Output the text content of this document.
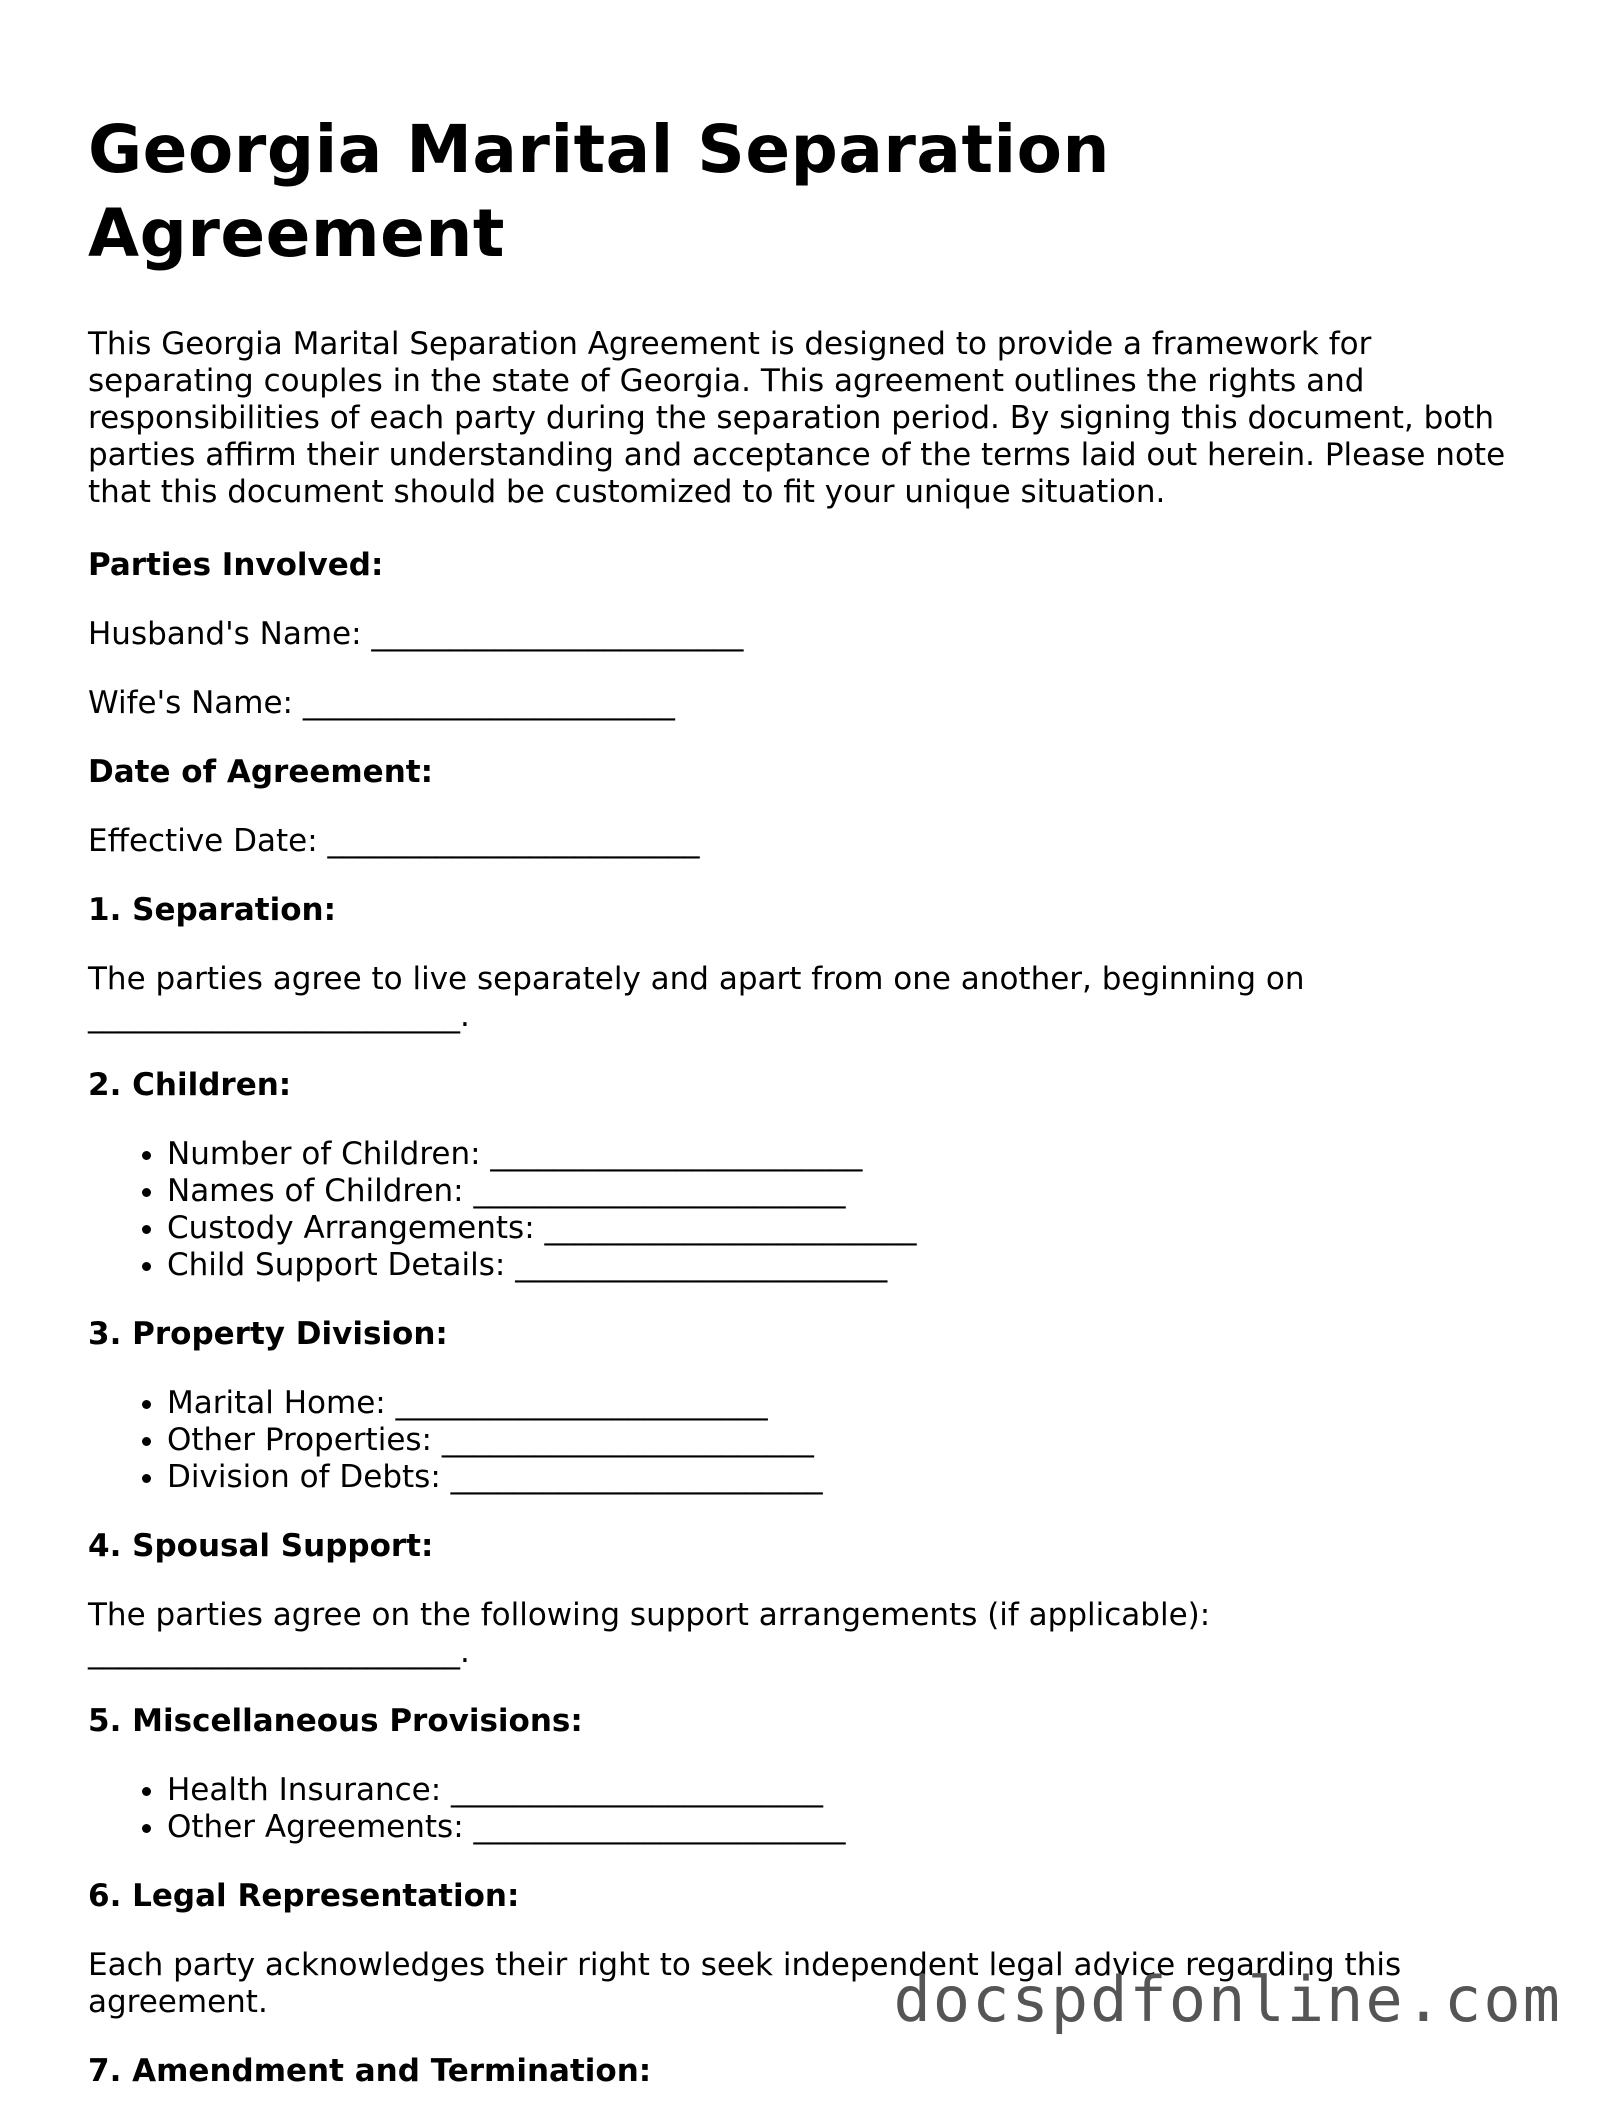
Georgia Marital Separation Agreement

This Georgia Marital Separation Agreement is designed to provide a framework for separating couples in the state of Georgia. This agreement outlines the rights and responsibilities of each party during the separation period. By signing this document, both parties affirm their understanding and acceptance of the terms laid out herein. Please note that this document should be customized to fit your unique situation.

Parties Involved:

Husband's Name: ________________________

Wife's Name: ________________________

Date of Agreement:

Effective Date: ________________________

1. Separation:

The parties agree to live separately and apart from one another, beginning on ________________________.

2. Children:
• Number of Children: ________________________
• Names of Children: ________________________
• Custody Arrangements: ________________________
• Child Support Details: ________________________
3. Property Division:
• Marital Home: ________________________
• Other Properties: ________________________
• Division of Debts: ________________________
4. Spousal Support:

The parties agree on the following support arrangements (if applicable): ________________________.

5. Miscellaneous Provisions:
• Health Insurance: ________________________
• Other Agreements: ________________________
6. Legal Representation:

Each party acknowledges their right to seek independent legal advice regarding this agreement.

7. Amendment and Termination:
docspdfonline.com
